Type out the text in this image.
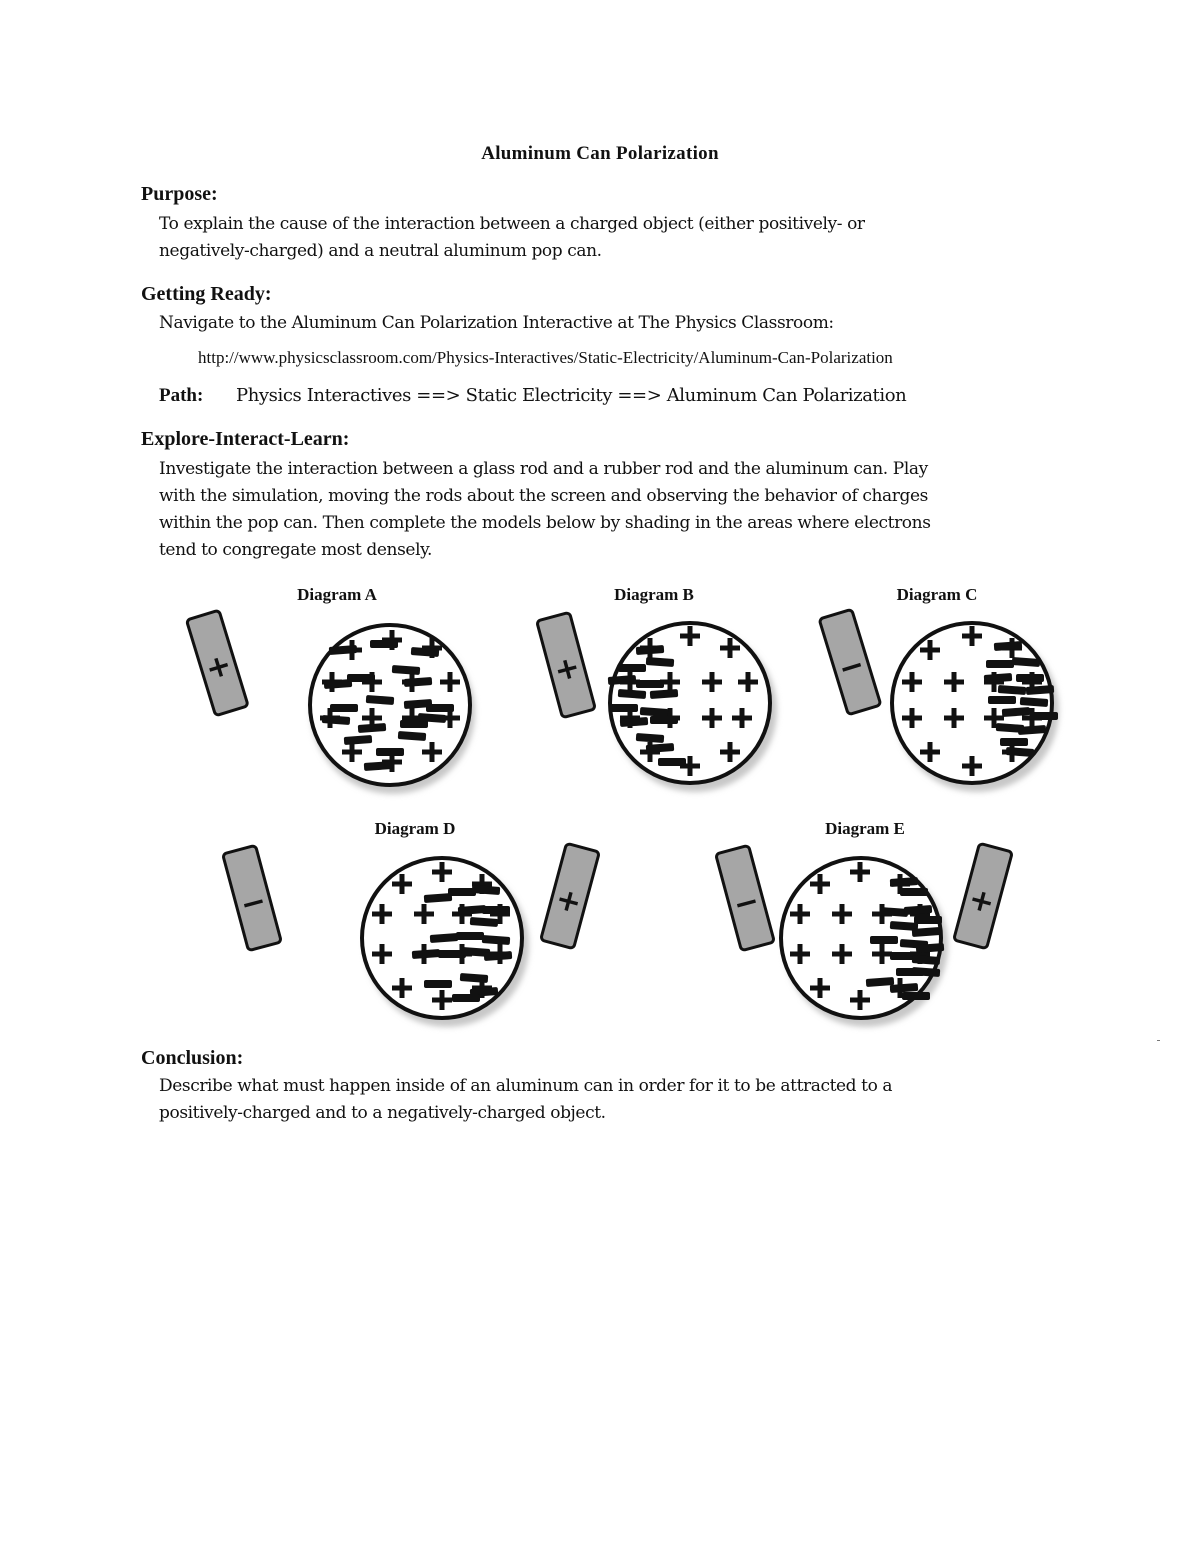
Aluminum Can Polarization
Purpose:
To explain the cause of the interaction between a charged object (either positively- or
negatively-charged) and a neutral aluminum pop can.
Getting Ready:
Navigate to the Aluminum Can Polarization Interactive at The Physics Classroom:
http://www.physicsclassroom.com/Physics-Interactives/Static-Electricity/Aluminum-Can-Polarization
Path: Physics Interactives ==> Static Electricity ==> Aluminum Can Polarization
Explore-Interact-Learn:
Investigate the interaction between a glass rod and a rubber rod and the aluminum can. Play
with the simulation, moving the rods about the screen and observing the behavior of charges
within the pop can. Then complete the models below by shading in the areas where electrons
tend to congregate most densely.
Diagram A	Diagram B	Diagram C
Diagram D	Diagram E
+	+	−
−	+	−	+
Conclusion:
Describe what must happen inside of an aluminum can in order for it to be attracted to a
positively-charged and to a negatively-charged object.
